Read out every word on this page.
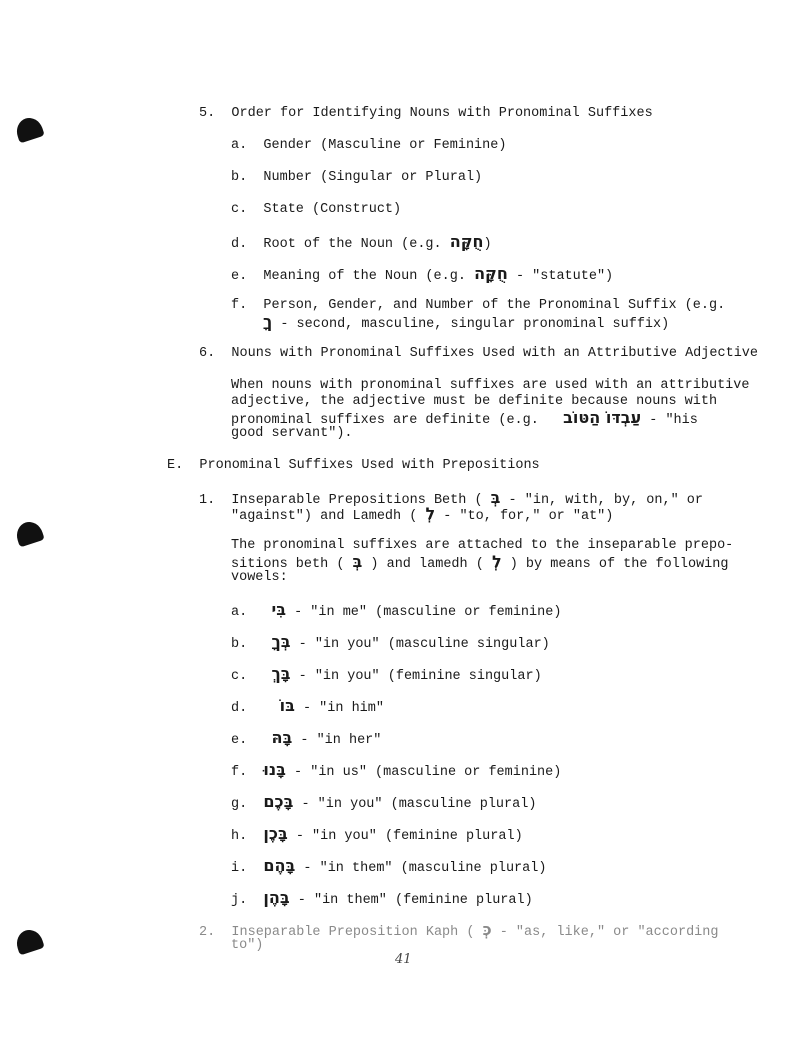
5. Order for Identifying Nouns with Pronominal Suffixes
a. Gender (Masculine or Feminine)
b. Number (Singular or Plural)
c. State (Construct)
d. Root of the Noun (e.g. חֻקָּה)
e. Meaning of the Noun (e.g. חֻקָּה - "statute")
f. Person, Gender, and Number of the Pronominal Suffix (e.g.
ךָ - second, masculine, singular pronominal suffix)
6. Nouns with Pronominal Suffixes Used with an Attributive Adjective
When nouns with pronominal suffixes are used with an attributive
adjective, the adjective must be definite because nouns with
pronominal suffixes are definite (e.g. עַבְדּוֹ הַטּוֹב - "his
good servant").
E. Pronominal Suffixes Used with Prepositions
1. Inseparable Prepositions Beth ( בְּ - "in, with, by, on," or
"against") and Lamedh ( לְ - "to, for," or "at")
The pronominal suffixes are attached to the inseparable prepo-
sitions beth ( בְּ ) and lamedh ( לְ ) by means of the following
vowels:
a. בִּי - "in me" (masculine or feminine)
b. בְּךָ - "in you" (masculine singular)
c. בָּךְ - "in you" (feminine singular)
d. בּוֹ - "in him"
e. בָּהּ - "in her"
f. בָּנוּ - "in us" (masculine or feminine)
g. בָּכֶם - "in you" (masculine plural)
h. בָּכֶן - "in you" (feminine plural)
i. בָּהֶם - "in them" (masculine plural)
j. בָּהֶן - "in them" (feminine plural)
2. Inseparable Preposition Kaph ( כְּ - "as, like," or "according
to")
41
